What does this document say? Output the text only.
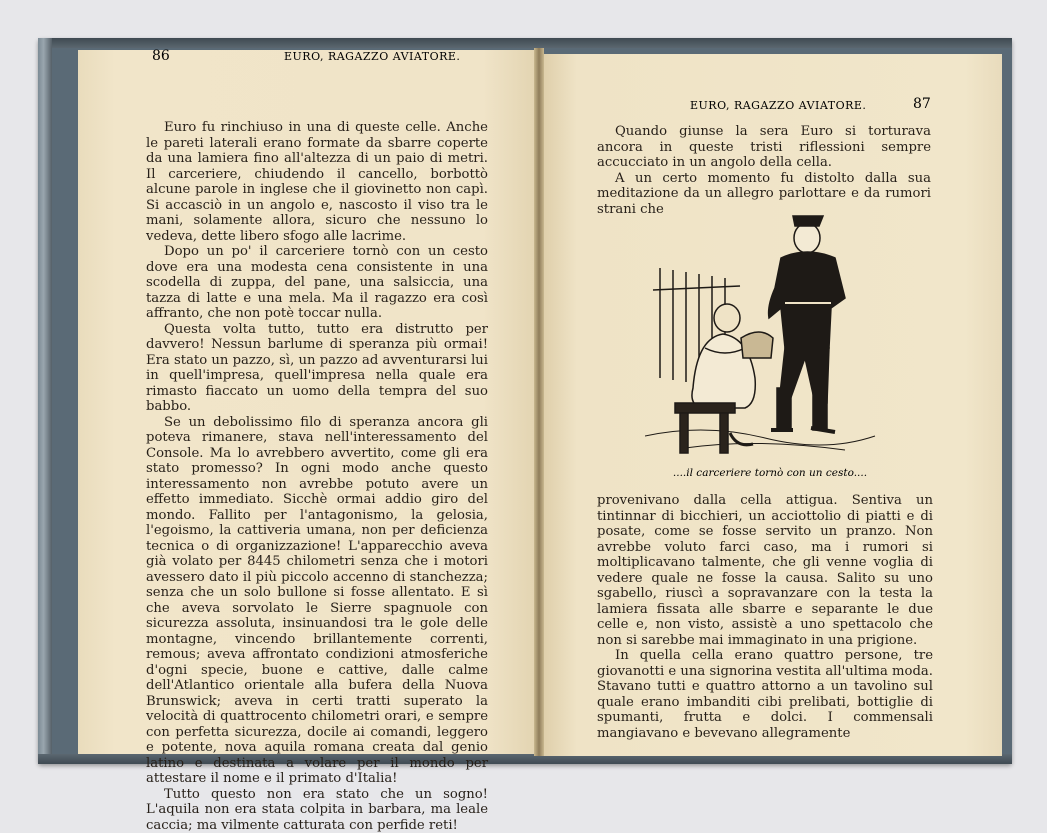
86	EURO, RAGAZZO AVIATORE.
EURO, RAGAZZO AVIATORE.	87

Euro fu rinchiuso in una di queste celle. Anche le pareti laterali erano formate da sbarre coperte da una lamiera fino all'altezza di un paio di metri. Il carceriere, chiudendo il cancello, borbottò alcune parole in inglese che il giovinetto non capì. Si accasciò in un angolo e, nascosto il viso tra le mani, solamente allora, sicuro che nessuno lo vedeva, dette libero sfogo alle lacrime.

Dopo un po' il carceriere tornò con un cesto dove era una modesta cena consistente in una scodella di zuppa, del pane, una salsiccia, una tazza di latte e una mela. Ma il ragazzo era così affranto, che non potè toccar nulla.

Questa volta tutto, tutto era distrutto per davvero! Nessun barlume di speranza più ormai! Era stato un pazzo, sì, un pazzo ad avventurarsi lui in quell'impresa, quell'impresa nella quale era rimasto fiaccato un uomo della tempra del suo babbo.

Se un debolissimo filo di speranza ancora gli poteva rimanere, stava nell'interessamento del Console. Ma lo avrebbero avvertito, come gli era stato promesso? In ogni modo anche questo interessamento non avrebbe potuto avere un effetto immediato. Sicchè ormai addio giro del mondo. Fallito per l'antagonismo, la gelosia, l'egoismo, la cattiveria umana, non per deficienza tecnica o di organizzazione! L'apparecchio aveva già volato per 8445 chilometri senza che i motori avessero dato il più piccolo accenno di stanchezza; senza che un solo bullone si fosse allentato. E sì che aveva sorvolato le Sierre spagnuole con sicurezza assoluta, insinuandosi tra le gole delle montagne, vincendo brillantemente correnti, remous; aveva affrontato condizioni atmosferiche d'ogni specie, buone e cattive, dalle calme dell'Atlantico orientale alla bufera della Nuova Brunswick; aveva in certi tratti superato la velocità di quattrocento chilometri orari, e sempre con perfetta sicurezza, docile ai comandi, leggero e potente, nova aquila romana creata dal genio latino e destinata a volare per il mondo per attestare il nome e il primato d'Italia!

Tutto questo non era stato che un sogno! L'aquila non era stata colpita in barbara, ma leale caccia; ma vilmente catturata con perfide reti!

Quando giunse la sera Euro si torturava ancora in queste tristi riflessioni sempre accucciato in un angolo della cella.

A un certo momento fu distolto dalla sua meditazione da un allegro parlottare e da rumori strani che

....il carceriere tornò con un cesto....

provenivano dalla cella attigua. Sentiva un tintinnar di bicchieri, un acciottolio di piatti e di posate, come se fosse servito un pranzo. Non avrebbe voluto farci caso, ma i rumori si moltiplicavano talmente, che gli venne voglia di vedere quale ne fosse la causa. Salito su uno sgabello, riuscì a sopravanzare con la testa la lamiera fissata alle sbarre e separante le due celle e, non visto, assistè a uno spettacolo che non si sarebbe mai immaginato in una prigione.

In quella cella erano quattro persone, tre giovanotti e una signorina vestita all'ultima moda. Stavano tutti e quattro attorno a un tavolino sul quale erano imbanditi cibi prelibati, bottiglie di spumanti, frutta e dolci. I commensali mangiavano e bevevano allegramente
